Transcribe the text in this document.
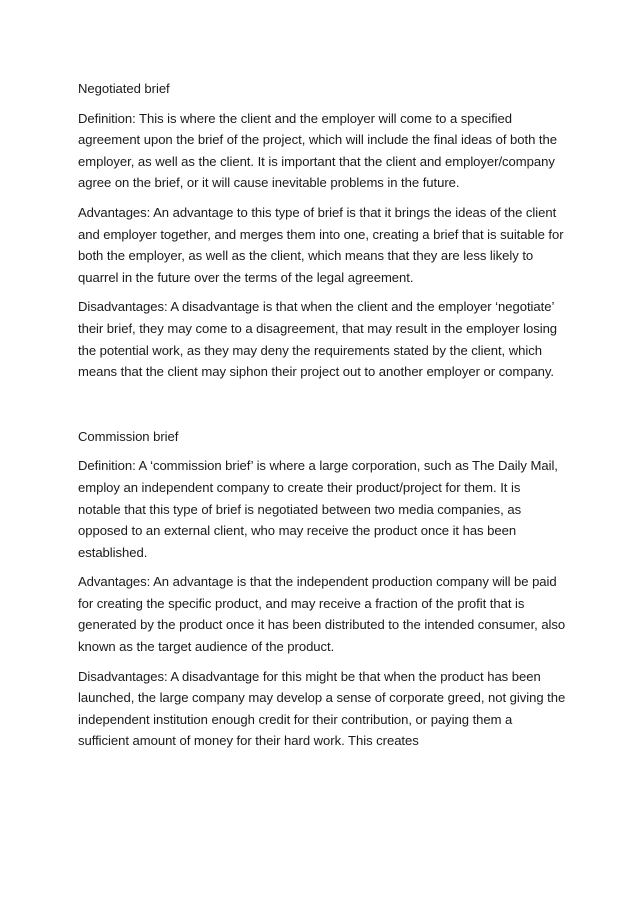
Negotiated brief

Definition: This is where the client and the employer will come to a specified agreement upon the brief of the project, which will include the final ideas of both the employer, as well as the client. It is important that the client and employer/company agree on the brief, or it will cause inevitable problems in the future.

Advantages: An advantage to this type of brief is that it brings the ideas of the client and employer together, and merges them into one, creating a brief that is suitable for both the employer, as well as the client, which means that they are less likely to quarrel in the future over the terms of the legal agreement.

Disadvantages: A disadvantage is that when the client and the employer ‘negotiate’ their brief, they may come to a disagreement, that may result in the employer losing the potential work, as they may deny the requirements stated by the client, which means that the client may siphon their project out to another employer or company.

Commission brief

Definition: A ‘commission brief’ is where a large corporation, such as The Daily Mail, employ an independent company to create their product/project for them. It is notable that this type of brief is negotiated between two media companies, as opposed to an external client, who may receive the product once it has been established.

Advantages: An advantage is that the independent production company will be paid for creating the specific product, and may receive a fraction of the profit that is generated by the product once it has been distributed to the intended consumer, also known as the target audience of the product.

Disadvantages: A disadvantage for this might be that when the product has been launched, the large company may develop a sense of corporate greed, not giving the independent institution enough credit for their contribution, or paying them a sufficient amount of money for their hard work. This creates
